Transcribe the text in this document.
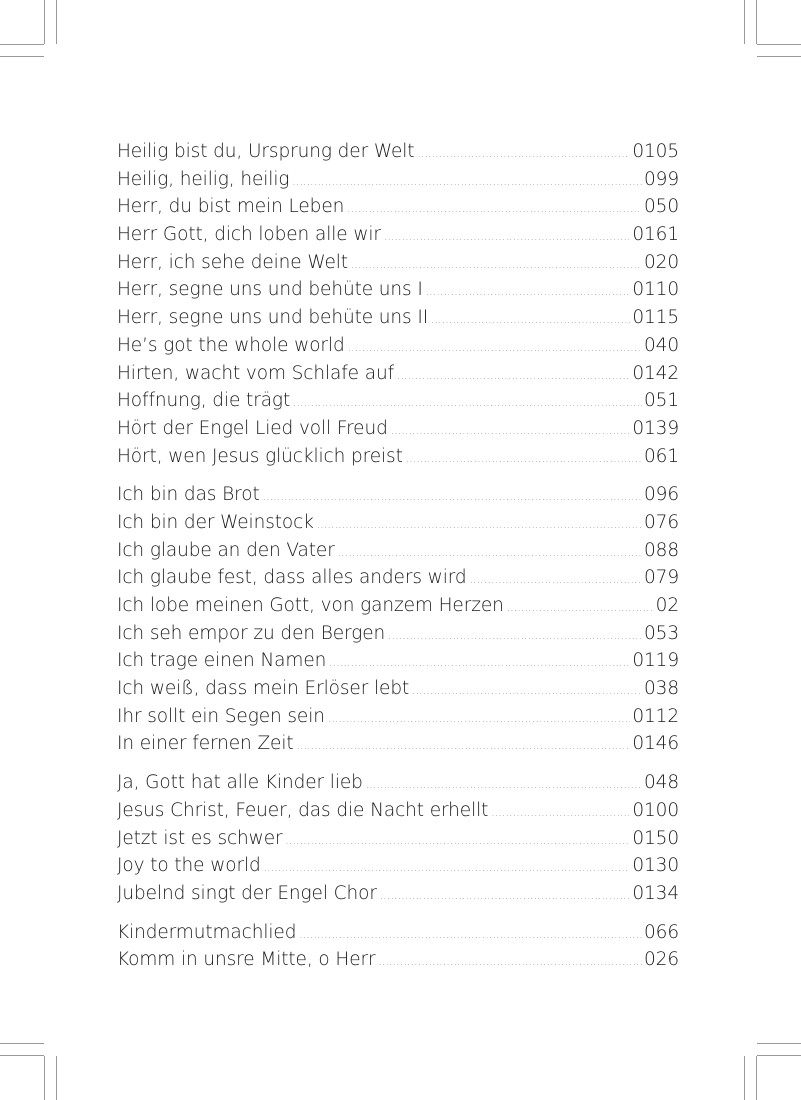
Heilig bist du, Ursprung der Welt .....	0105
Heilig, heilig, heilig .....	099
Herr, du bist mein Leben .....	050
Herr Gott, dich loben alle wir .....	0161
Herr, ich sehe deine Welt .....	020
Herr, segne uns und behüte uns I .....	0110
Herr, segne uns und behüte uns II .....	0115
He’s got the whole world .....	040
Hirten, wacht vom Schlafe auf .....	0142
Hoffnung, die trägt .....	051
Hört der Engel Lied voll Freud .....	0139
Hört, wen Jesus glücklich preist .....	061
Ich bin das Brot .....	096
Ich bin der Weinstock .....	076
Ich glaube an den Vater .....	088
Ich glaube fest, dass alles anders wird .....	079
Ich lobe meinen Gott, von ganzem Herzen .....	02
Ich seh empor zu den Bergen .....	053
Ich trage einen Namen .....	0119
Ich weiß, dass mein Erlöser lebt .....	038
Ihr sollt ein Segen sein .....	0112
In einer fernen Zeit .....	0146
Ja, Gott hat alle Kinder lieb .....	048
Jesus Christ, Feuer, das die Nacht erhellt .....	0100
Jetzt ist es schwer .....	0150
Joy to the world .....	0130
Jubelnd singt der Engel Chor .....	0134
Kindermutmachlied .....	066
Komm in unsre Mitte, o Herr .....	026
